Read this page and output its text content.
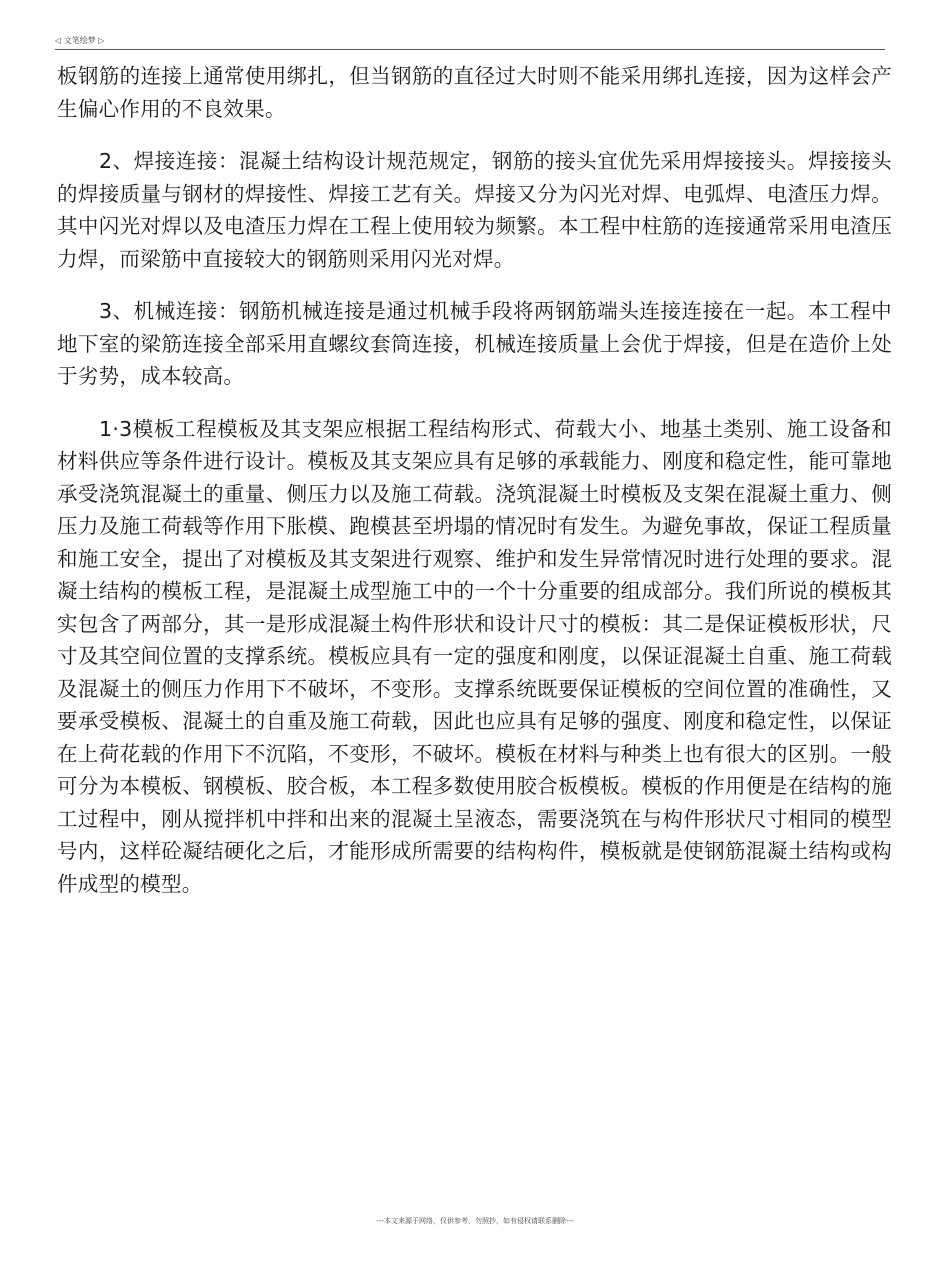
◁ 文笔绘梦 ▷

板钢筋的连接上通常使用绑扎，但当钢筋的直径过大时则不能采用绑扎连接，因为这样会产生偏心作用的不良效果。

2、焊接连接：混凝土结构设计规范规定，钢筋的接头宜优先采用焊接接头。焊接接头的焊接质量与钢材的焊接性、焊接工艺有关。焊接又分为闪光对焊、电弧焊、电渣压力焊。其中闪光对焊以及电渣压力焊在工程上使用较为频繁。本工程中柱筋的连接通常采用电渣压力焊，而梁筋中直接较大的钢筋则采用闪光对焊。

3、机械连接：钢筋机械连接是通过机械手段将两钢筋端头连接连接在一起。本工程中地下室的梁筋连接全部采用直螺纹套筒连接，机械连接质量上会优于焊接，但是在造价上处于劣势，成本较高。

1·3模板工程模板及其支架应根据工程结构形式、荷载大小、地基土类别、施工设备和材料供应等条件进行设计。模板及其支架应具有足够的承载能力、刚度和稳定性，能可靠地承受浇筑混凝土的重量、侧压力以及施工荷载。浇筑混凝土时模板及支架在混凝土重力、侧压力及施工荷载等作用下胀模、跑模甚至坍塌的情况时有发生。为避免事故，保证工程质量和施工安全，提出了对模板及其支架进行观察、维护和发生异常情况时进行处理的要求。混凝土结构的模板工程，是混凝土成型施工中的一个十分重要的组成部分。我们所说的模板其实包含了两部分，其一是形成混凝土构件形状和设计尺寸的模板：其二是保证模板形状，尺寸及其空间位置的支撑系统。模板应具有一定的强度和刚度，以保证混凝土自重、施工荷载及混凝土的侧压力作用下不破坏，不变形。支撑系统既要保证模板的空间位置的准确性，又要承受模板、混凝土的自重及施工荷载，因此也应具有足够的强度、刚度和稳定性，以保证在上荷花载的作用下不沉陷，不变形，不破坏。模板在材料与种类上也有很大的区别。一般可分为本模板、钢模板、胶合板，本工程多数使用胶合板模板。模板的作用便是在结构的施工过程中，刚从搅拌机中拌和出来的混凝土呈液态，需要浇筑在与构件形状尺寸相同的模型号内，这样砼凝结硬化之后，才能形成所需要的结构构件，模板就是使钢筋混凝土结构或构件成型的模型。

---本文来源于网络，仅供参考，勿照抄，如有侵权请联系删除---
